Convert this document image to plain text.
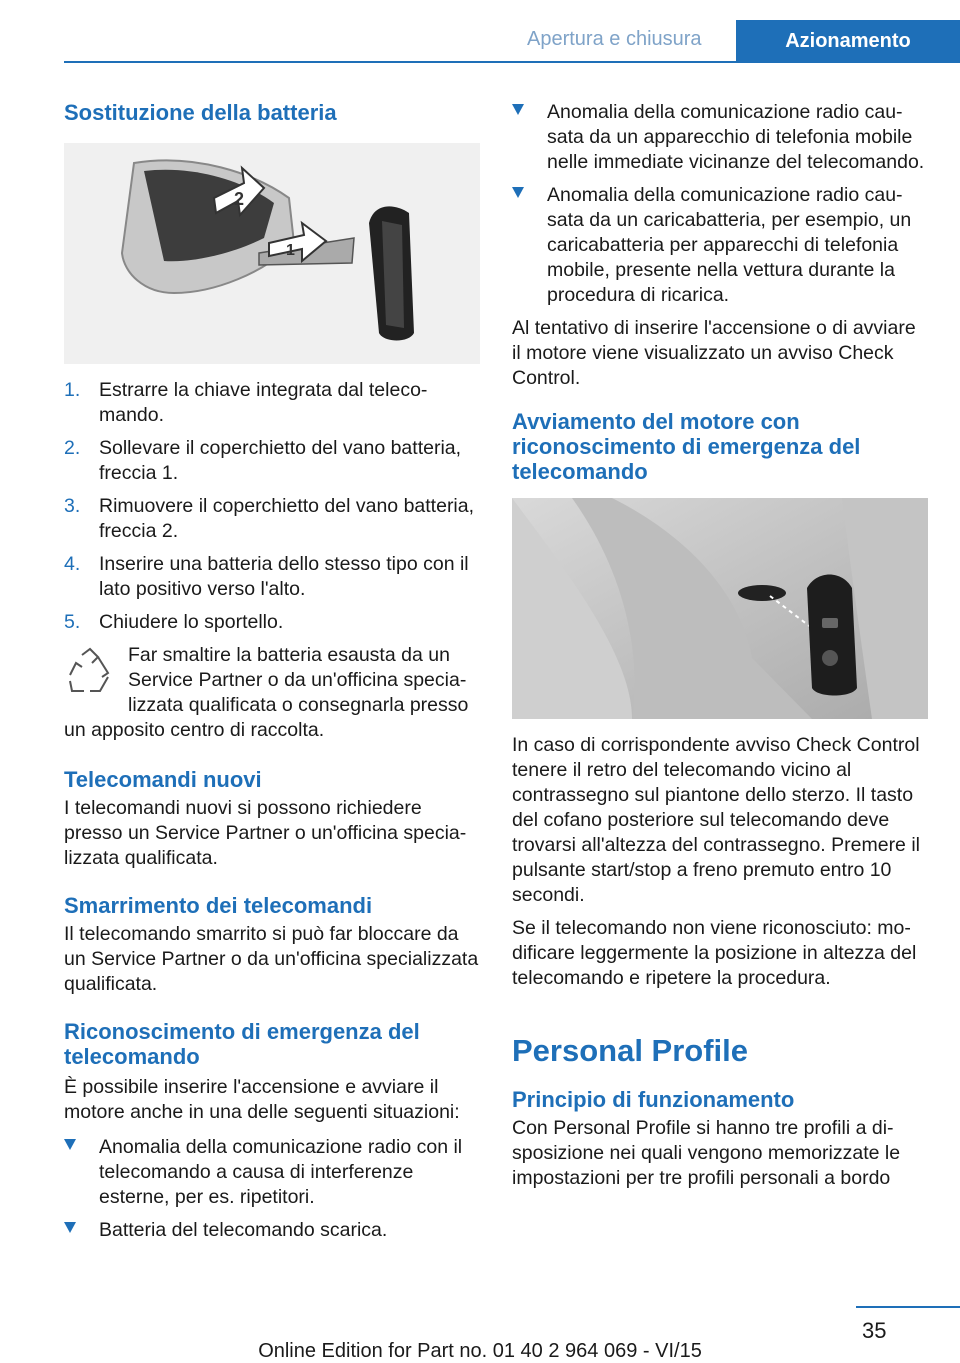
Apertura e chiusura	Azionamento
Sostituzione della batteria
2
1
1. Estrarre la chiave integrata dal telecomando.
2. Sollevare il coperchietto del vano batteria, freccia 1.
3. Rimuovere il coperchietto del vano batteria, freccia 2.
4. Inserire una batteria dello stesso tipo con il lato positivo verso l'alto.
5. Chiudere lo sportello.
Far smaltire la batteria esausta da un Service Partner o da un'officina specializzata qualificata o consegnarla presso un apposito centro di raccolta.
Telecomandi nuovi

I telecomandi nuovi si possono richiedere presso un Service Partner o un'officina specializzata qualificata.

Smarrimento dei telecomandi

Il telecomando smarrito si può far bloccare da un Service Partner o da un'officina specializzata qualificata.

Riconoscimento di emergenza del telecomando

È possibile inserire l'accensione e avviare il motore anche in una delle seguenti situazioni:

Anomalia della comunicazione radio con il telecomando a causa di interferenze esterne, per es. ripetitori.
Batteria del telecomando scarica.
Anomalia della comunicazione radio causata da un apparecchio di telefonia mobile nelle immediate vicinanze del telecomando.
Anomalia della comunicazione radio causata da un caricabatteria, per esempio, un caricabatteria per apparecchi di telefonia mobile, presente nella vettura durante la procedura di ricarica.

Al tentativo di inserire l'accensione o di avviare il motore viene visualizzato un avviso Check Control.

Avviamento del motore con riconoscimento di emergenza del telecomando

In caso di corrispondente avviso Check Control tenere il retro del telecomando vicino al contrassegno sul piantone dello sterzo. Il tasto del cofano posteriore sul telecomando deve trovarsi all'altezza del contrassegno. Premere il pulsante start/stop a freno premuto entro 10 secondi.

Se il telecomando non viene riconosciuto: modificare leggermente la posizione in altezza del telecomando e ripetere la procedura.

Personal Profile
Principio di funzionamento

Con Personal Profile si hanno tre profili a disposizione nei quali vengono memorizzate le impostazioni per tre profili personali a bordo

35
Online Edition for Part no. 01 40 2 964 069 - VI/15
